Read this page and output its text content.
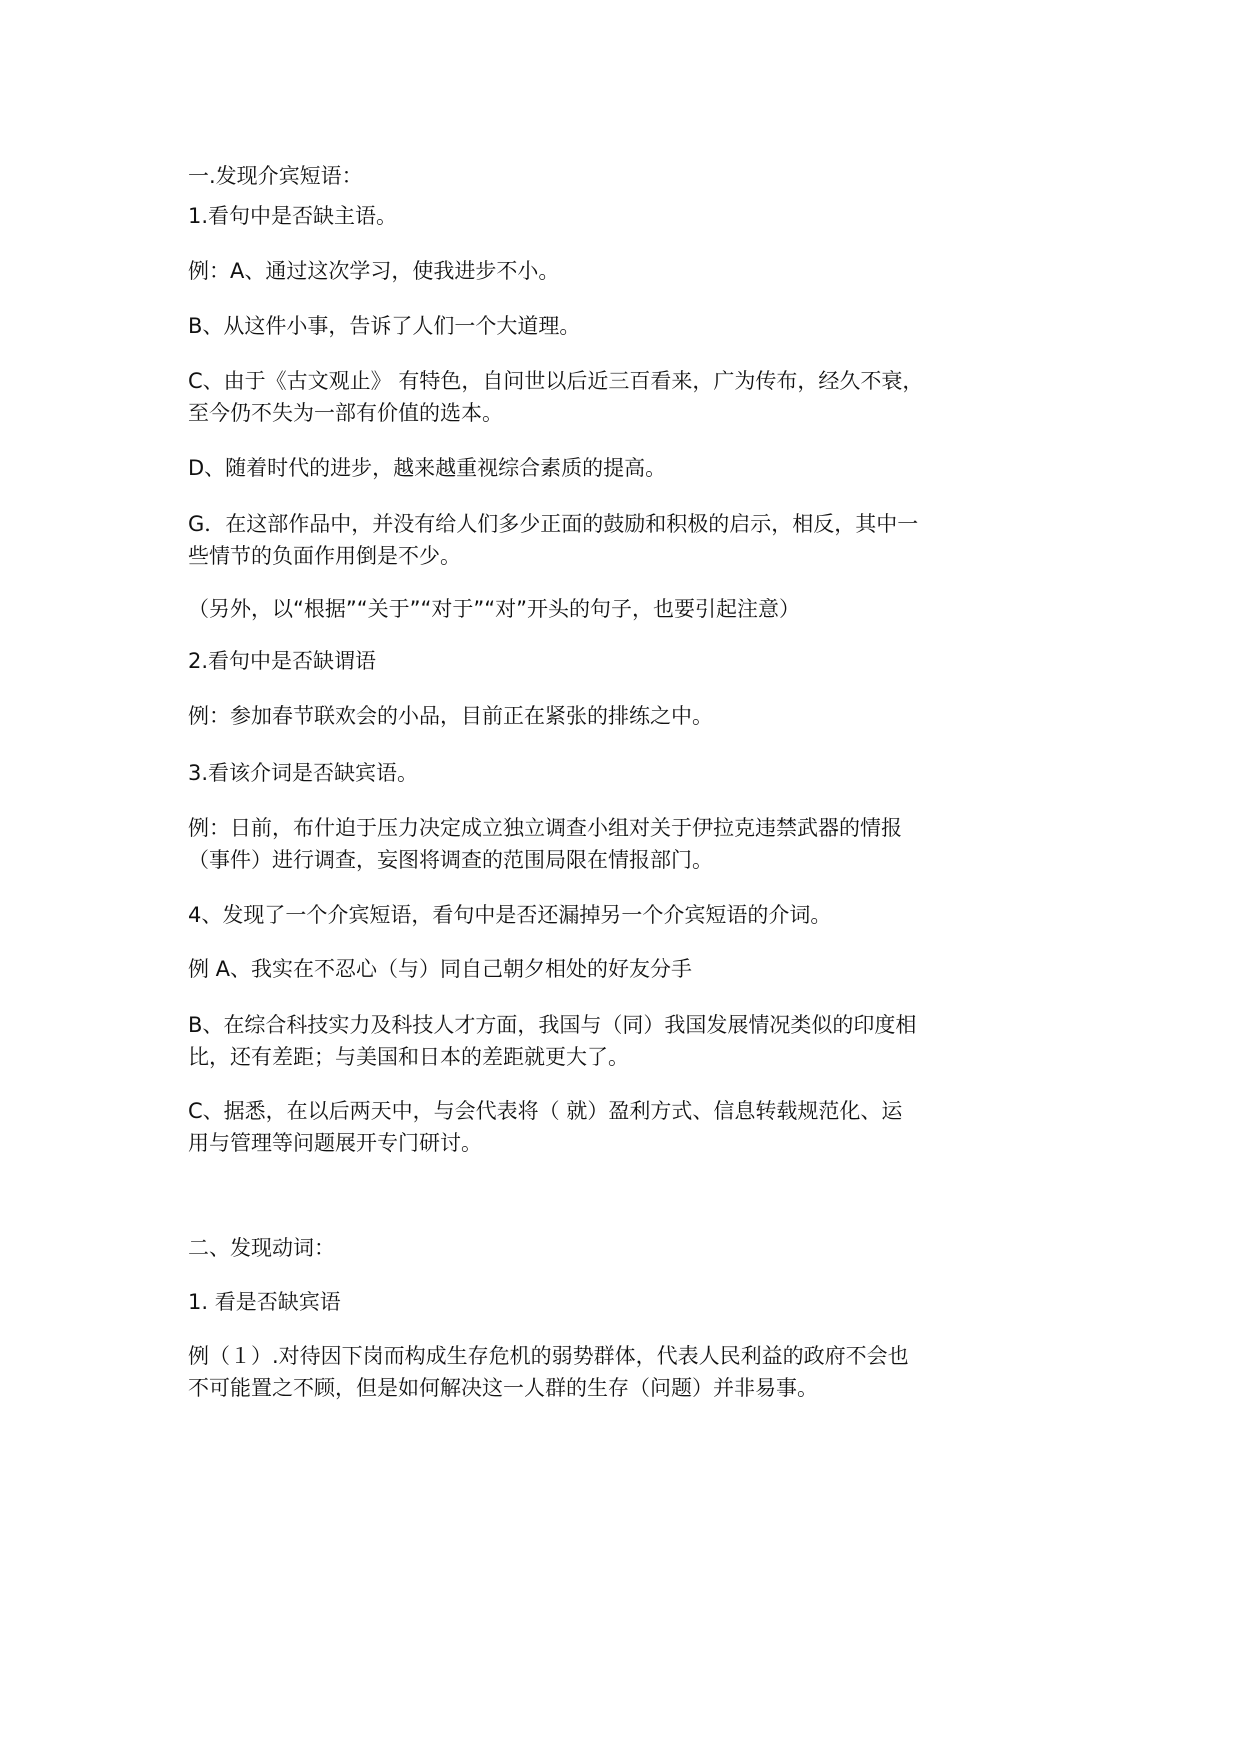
一.发现介宾短语：

1.看句中是否缺主语。

例：A、通过这次学习，使我进步不小。

B、从这件小事，告诉了人们一个大道理。

C、由于《古文观止》 有特色，自问世以后近三百看来，广为传布，经久不衰，

至今仍不失为一部有价值的选本。

D、随着时代的进步，越来越重视综合素质的提高。

G．在这部作品中，并没有给人们多少正面的鼓励和积极的启示，相反，其中一

些情节的负面作用倒是不少。

（另外，以“根据”“关于”“对于”“对”开头的句子，也要引起注意）

2.看句中是否缺谓语

例：参加春节联欢会的小品，目前正在紧张的排练之中。

3.看该介词是否缺宾语。

例：日前，布什迫于压力决定成立独立调查小组对关于伊拉克违禁武器的情报

（事件）进行调查，妄图将调查的范围局限在情报部门。

4、发现了一个介宾短语，看句中是否还漏掉另一个介宾短语的介词。

例 A、我实在不忍心（与）同自己朝夕相处的好友分手

B、在综合科技实力及科技人才方面，我国与（同）我国发展情况类似的印度相

比，还有差距；与美国和日本的差距就更大了。

C、据悉，在以后两天中，与会代表将（ 就）盈利方式、信息转载规范化、运

用与管理等问题展开专门研讨。

二、发现动词：

1. 看是否缺宾语

例（１）.对待因下岗而构成生存危机的弱势群体，代表人民利益的政府不会也

不可能置之不顾，但是如何解决这一人群的生存（问题）并非易事。
